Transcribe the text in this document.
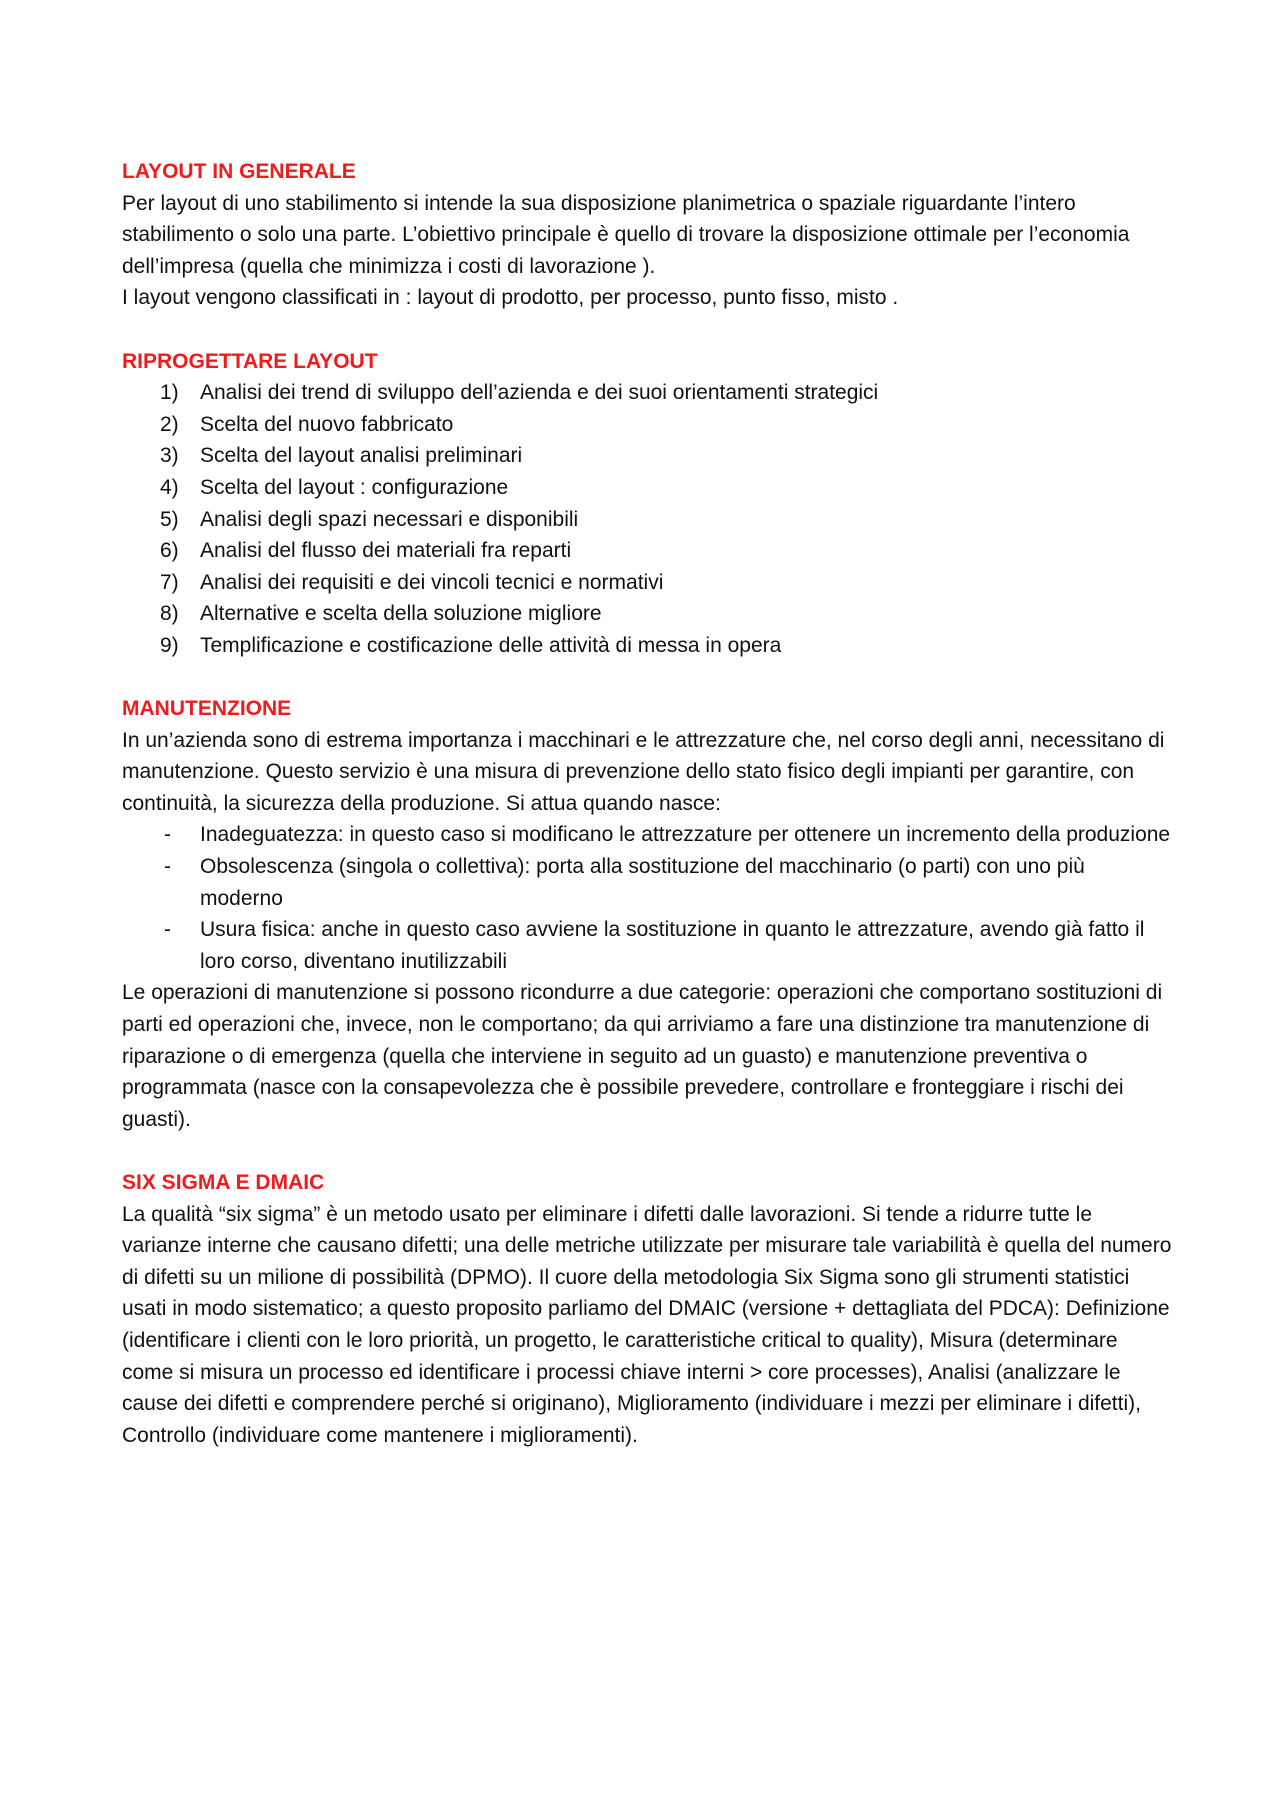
LAYOUT IN GENERALE

Per layout di uno stabilimento si intende la sua disposizione planimetrica o spaziale riguardante l’intero stabilimento o solo una parte. L’obiettivo principale è quello di trovare la disposizione ottimale per l’economia dell’impresa (quella che minimizza i costi di lavorazione ).

I layout vengono classificati in : layout di prodotto, per processo, punto fisso, misto .

RIPROGETTARE LAYOUT
1) Analisi dei trend di sviluppo dell’azienda e dei suoi orientamenti strategici
2) Scelta del nuovo fabbricato
3) Scelta del layout analisi preliminari
4) Scelta del layout : configurazione
5) Analisi degli spazi necessari e disponibili
6) Analisi del flusso dei materiali fra reparti
7) Analisi dei requisiti e dei vincoli tecnici e normativi
8) Alternative e scelta della soluzione migliore
9) Templificazione e costificazione delle attività di messa in opera
MANUTENZIONE

In un’azienda sono di estrema importanza i macchinari e le attrezzature che, nel corso degli anni, necessitano di manutenzione. Questo servizio è una misura di prevenzione dello stato fisico degli impianti per garantire, con continuità, la sicurezza della produzione. Si attua quando nasce:

- Inadeguatezza: in questo caso si modificano le attrezzature per ottenere un incremento della produzione
- Obsolescenza (singola o collettiva): porta alla sostituzione del macchinario (o parti) con uno più moderno
- Usura fisica: anche in questo caso avviene la sostituzione in quanto le attrezzature, avendo già fatto il loro corso, diventano inutilizzabili

Le operazioni di manutenzione si possono ricondurre a due categorie: operazioni che comportano sostituzioni di parti ed operazioni che, invece, non le comportano; da qui arriviamo a fare una distinzione tra manutenzione di riparazione o di emergenza (quella che interviene in seguito ad un guasto) e manutenzione preventiva o programmata (nasce con la consapevolezza che è possibile prevedere, controllare e fronteggiare i rischi dei guasti).

SIX SIGMA E DMAIC

La qualità “six sigma” è un metodo usato per eliminare i difetti dalle lavorazioni. Si tende a ridurre tutte le varianze interne che causano difetti; una delle metriche utilizzate per misurare tale variabilità è quella del numero di difetti su un milione di possibilità (DPMO). Il cuore della metodologia Six Sigma sono gli strumenti statistici usati in modo sistematico; a questo proposito parliamo del DMAIC (versione + dettagliata del PDCA): Definizione (identificare i clienti con le loro priorità, un progetto, le caratteristiche critical to quality), Misura (determinare come si misura un processo ed identificare i processi chiave interni > core processes), Analisi (analizzare le cause dei difetti e comprendere perché si originano), Miglioramento (individuare i mezzi per eliminare i difetti), Controllo (individuare come mantenere i miglioramenti).
